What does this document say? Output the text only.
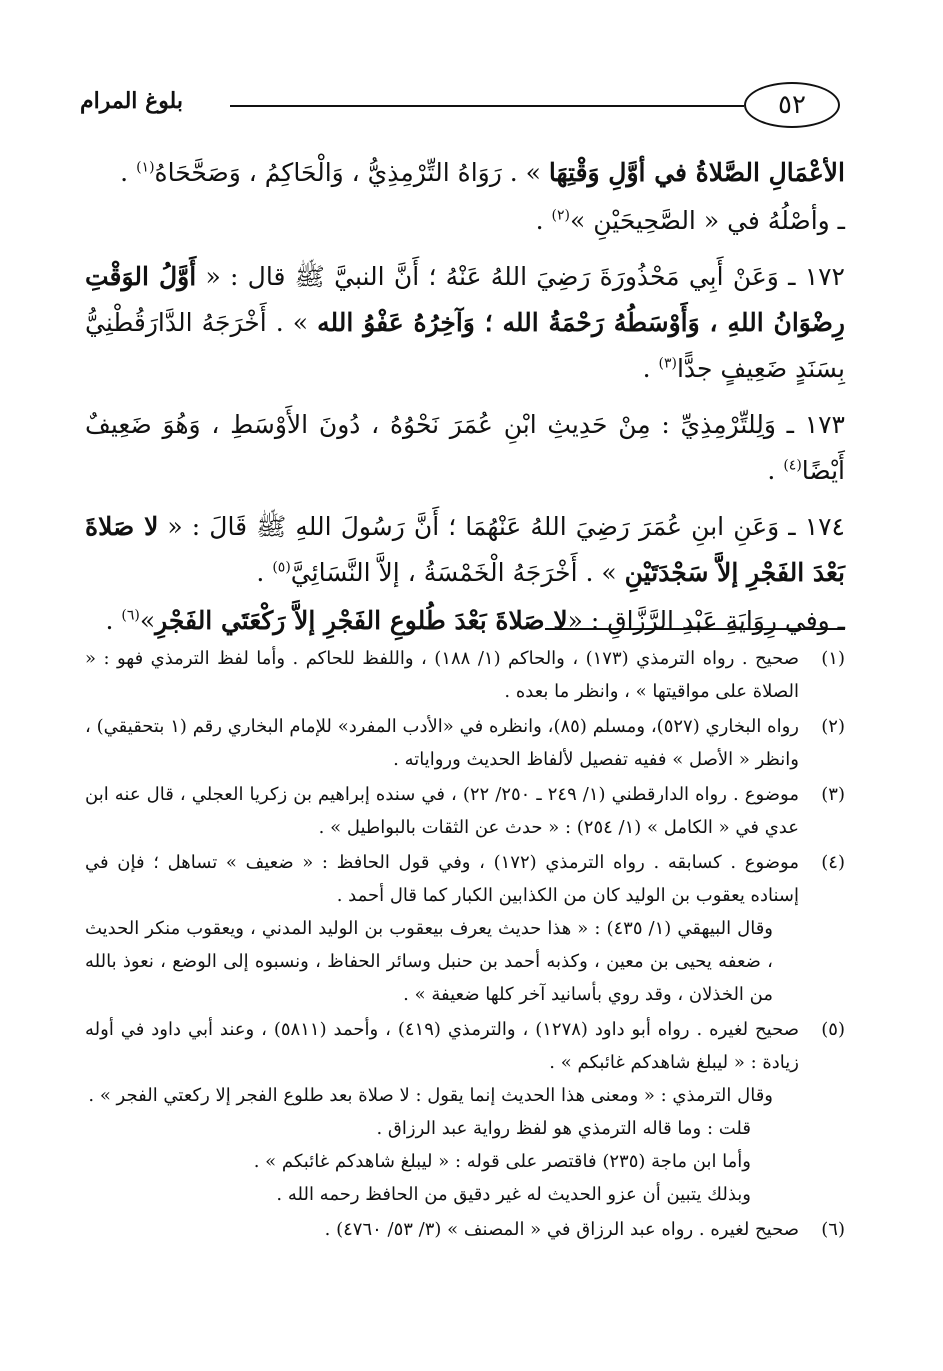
٥٢
بلوغ المرام

الأعْمَالِ الصَّلاةُ في أوَّلِ وَقْتِهَا » . رَوَاهُ التِّرْمِذِيُّ ، وَالْحَاكِمُ ، وَصَحَّحَاهُ$^{(١)}$ .

ـ وأصْلُهُ في « الصَّحِيحَيْنِ »$^{(٢)}$ .

١٧٢ ـ وَعَنْ أَبِي مَحْذُورَةَ رَضِيَ اللهُ عَنْهُ ؛ أَنَّ النبيَّ ﷺ قال : « أَوَّلُ الوَقْتِ رِضْوَانُ اللهِ ، وَأَوْسَطُهُ رَحْمَةُ الله ؛ وَآخِرُهُ عَفْوُ الله » . أَخْرَجَهُ الدَّارَقُطْنِيُّ بِسَنَدٍ ضَعِيفٍ جدًّا$^{(٣)}$ .

١٧٣ ـ وَلِلتِّرْمِذِيِّ : مِنْ حَدِيثِ ابْنِ عُمَرَ نَحْوُهُ ، دُونَ الأَوْسَطِ ، وَهُوَ ضَعِيفٌ أَيْضًا$^{(٤)}$ .

١٧٤ ـ وَعَنِ ابنِ عُمَرَ رَضِيَ اللهُ عَنْهُمَا ؛ أَنَّ رَسُولَ اللهِ ﷺ قَالَ : « لا صَلاةَ بَعْدَ الفَجْرِ إلاَّ سَجْدَتَيْنِ » . أَخْرَجَهُ الْخَمْسَةُ ، إلاَّ النَّسَائِيَّ$^{(٥)}$ .

ـ وفي رِوَايَةِ عَبْدِ الرَّزَّاقِ : «لا صَلاةَ بَعْدَ طُلوعِ الفَجْرِ إلاَّ رَكْعَتَي الفَجْرِ»$^{(٦)}$ .

(١)

صحيح . رواه الترمذي (١٧٣) ، والحاكم (١/ ١٨٨) ، واللفظ للحاكم . وأما لفظ الترمذي فهو : « الصلاة على مواقيتها » ، وانظر ما بعده .

(٢)

رواه البخاري (٥٢٧)، ومسلم (٨٥)، وانظره في «الأدب المفرد» للإمام البخاري رقم (١ بتحقيقي) ، وانظر « الأصل » ففيه تفصيل لألفاظ الحديث ورواياته .

(٣)

موضوع . رواه الدارقطني (١/ ٢٤٩ ـ ٢٥٠/ ٢٢) ، في سنده إبراهيم بن زكريا العجلي ، قال عنه ابن عدي في « الكامل » (١/ ٢٥٤) : « حدث عن الثقات بالبواطيل » .

(٤)

موضوع . كسابقه . رواه الترمذي (١٧٢) ، وفي قول الحافظ : « ضعيف » تساهل ؛ فإن في إسناده يعقوب بن الوليد كان من الكذابين الكبار كما قال أحمد .

وقال البيهقي (١/ ٤٣٥) : « هذا حديث يعرف بيعقوب بن الوليد المدني ، ويعقوب منكر الحديث ، ضعفه يحيى بن معين ، وكذبه أحمد بن حنبل وسائر الحفاظ ، ونسبوه إلى الوضع ، نعوذ بالله من الخذلان ، وقد روي بأسانيد آخر كلها ضعيفة » .

(٥)

صحيح لغيره . رواه أبو داود (١٢٧٨) ، والترمذي (٤١٩) ، وأحمد (٥٨١١) ، وعند أبي داود في أوله زيادة : « ليبلغ شاهدكم غائبكم » .

وقال الترمذي : « ومعنى هذا الحديث إنما يقول : لا صلاة بعد طلوع الفجر إلا ركعتي الفجر » .

قلت : وما قاله الترمذي هو لفظ رواية عبد الرزاق .

وأما ابن ماجة (٢٣٥) فاقتصر على قوله : « ليبلغ شاهدكم غائبكم » .

وبذلك يتبين أن عزو الحديث له غير دقيق من الحافظ رحمه الله .

(٦)

صحيح لغيره . رواه عبد الرزاق في « المصنف » (٣/ ٥٣/ ٤٧٦٠) .
